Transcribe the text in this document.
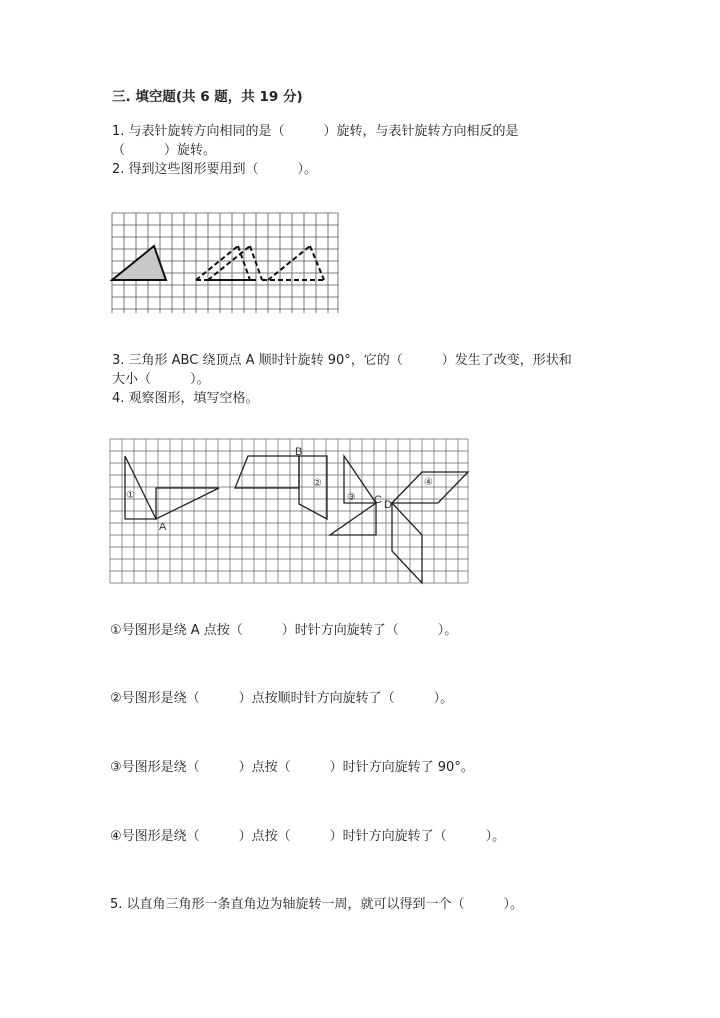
三. 填空题(共 6 题，共 19 分)
1. 与表针旋转方向相同的是（　　　）旋转，与表针旋转方向相反的是
（　　　）旋转。
2. 得到这些图形要用到（　　　）。
3. 三角形 ABC 绕顶点 A 顺时针旋转 90°，它的（　　　）发生了改变，形状和
大小（　　　）。
4. 观察图形，填写空格。
①
②
③
④
A
B
C D
①号图形是绕 A 点按（　　　）时针方向旋转了（　　　）。
②号图形是绕（　　　）点按顺时针方向旋转了（　　　）。
③号图形是绕（　　　）点按（　　　）时针方向旋转了 90°。
④号图形是绕（　　　）点按（　　　）时针方向旋转了（　　　）。
5. 以直角三角形一条直角边为轴旋转一周，就可以得到一个（　　　）。
